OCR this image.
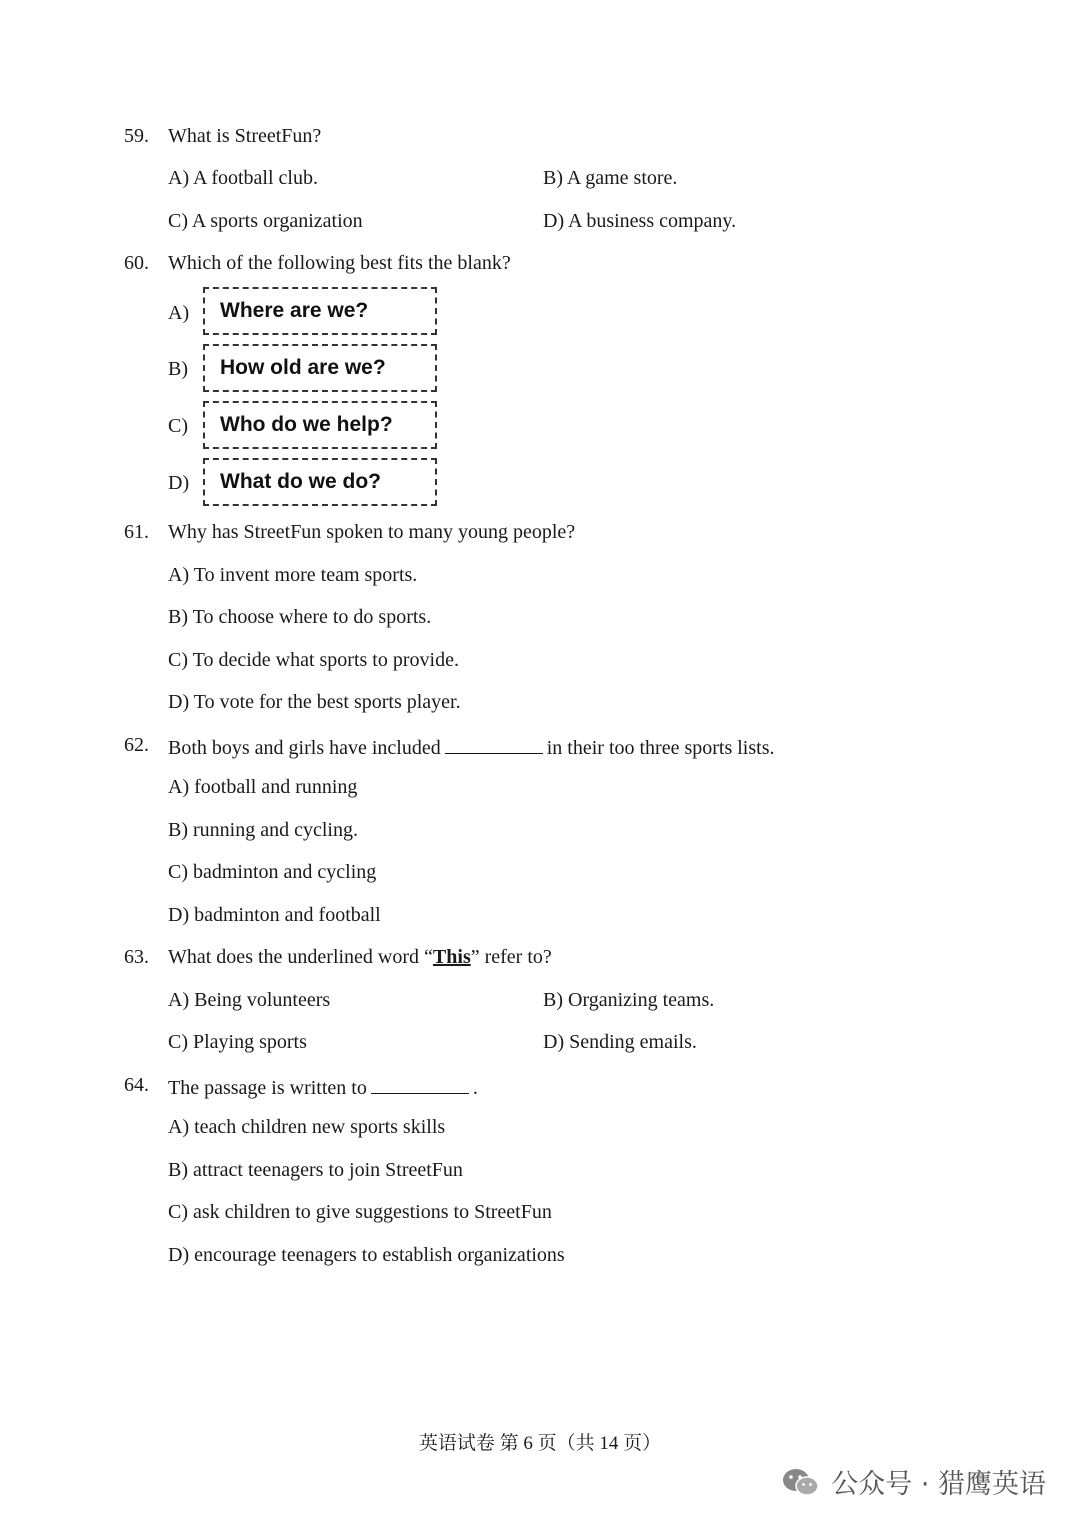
59. What is StreetFun?
A) A football club.	B) A game store.
C) A sports organization	D) A business company.
60. Which of the following best fits the blank?
A) Where are we?
B) How old are we?
C) Who do we help?
D) What do we do?
61. Why has StreetFun spoken to many young people?
A) To invent more team sports.
B) To choose where to do sports.
C) To decide what sports to provide.
D) To vote for the best sports player.
62. Both boys and girls have included	in their too three sports lists.
A) football and running
B) running and cycling.
C) badminton and cycling
D) badminton and football
63. What does the underlined word “This” refer to?
A) Being volunteers	B) Organizing teams.
C) Playing sports	D) Sending emails.
64. The passage is written to	.
A) teach children new sports skills
B) attract teenagers to join StreetFun
C) ask children to give suggestions to StreetFun
D) encourage teenagers to establish organizations
英语试卷 第 6 页（共 14 页）
公众号 · 猎鹰英语
